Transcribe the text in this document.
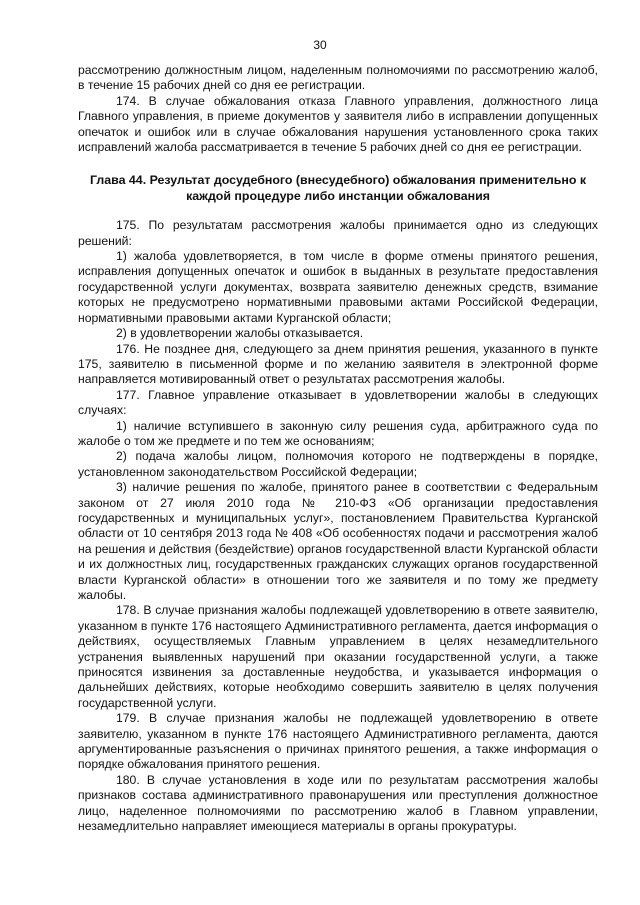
30

рассмотрению должностным лицом, наделенным полномочиями по рассмотрению жалоб, в течение 15 рабочих дней со дня ее регистрации.

174. В случае обжалования отказа Главного управления, должностного лица Главного управления, в приеме документов у заявителя либо в исправлении допущенных опечаток и ошибок или в случае обжалования нарушения установленного срока таких исправлений жалоба рассматривается в течение 5 рабочих дней со дня ее регистрации.

Глава 44. Результат досудебного (внесудебного) обжалования применительно к каждой процедуре либо инстанции обжалования

175. По результатам рассмотрения жалобы принимается одно из следующих решений:

1) жалоба удовлетворяется, в том числе в форме отмены принятого решения, исправления допущенных опечаток и ошибок в выданных в результате предоставления государственной услуги документах, возврата заявителю денежных средств, взимание которых не предусмотрено нормативными правовыми актами Российской Федерации, нормативными правовыми актами Курганской области;

2) в удовлетворении жалобы отказывается.

176. Не позднее дня, следующего за днем принятия решения, указанного в пункте 175, заявителю в письменной форме и по желанию заявителя в электронной форме направляется мотивированный ответ о результатах рассмотрения жалобы.

177. Главное управление отказывает в удовлетворении жалобы в следующих случаях:

1) наличие вступившего в законную силу решения суда, арбитражного суда по жалобе о том же предмете и по тем же основаниям;

2) подача жалобы лицом, полномочия которого не подтверждены в порядке, установленном законодательством Российской Федерации;

3) наличие решения по жалобе, принятого ранее в соответствии с Федеральным законом от 27 июля 2010 года № 210-ФЗ «Об организации предоставления государственных и муниципальных услуг», постановлением Правительства Курганской области от 10 сентября 2013 года № 408 «Об особенностях подачи и рассмотрения жалоб на решения и действия (бездействие) органов государственной власти Курганской области и их должностных лиц, государственных гражданских служащих органов государственной власти Курганской области» в отношении того же заявителя и по тому же предмету жалобы.

178. В случае признания жалобы подлежащей удовлетворению в ответе заявителю, указанном в пункте 176 настоящего Административного регламента, дается информация о действиях, осуществляемых Главным управлением в целях незамедлительного устранения выявленных нарушений при оказании государственной услуги, а также приносятся извинения за доставленные неудобства, и указывается информация о дальнейших действиях, которые необходимо совершить заявителю в целях получения государственной услуги.

179. В случае признания жалобы не подлежащей удовлетворению в ответе заявителю, указанном в пункте 176 настоящего Административного регламента, даются аргументированные разъяснения о причинах принятого решения, а также информация о порядке обжалования принятого решения.

180. В случае установления в ходе или по результатам рассмотрения жалобы признаков состава административного правонарушения или преступления должностное лицо, наделенное полномочиями по рассмотрению жалоб в Главном управлении, незамедлительно направляет имеющиеся материалы в органы прокуратуры.
